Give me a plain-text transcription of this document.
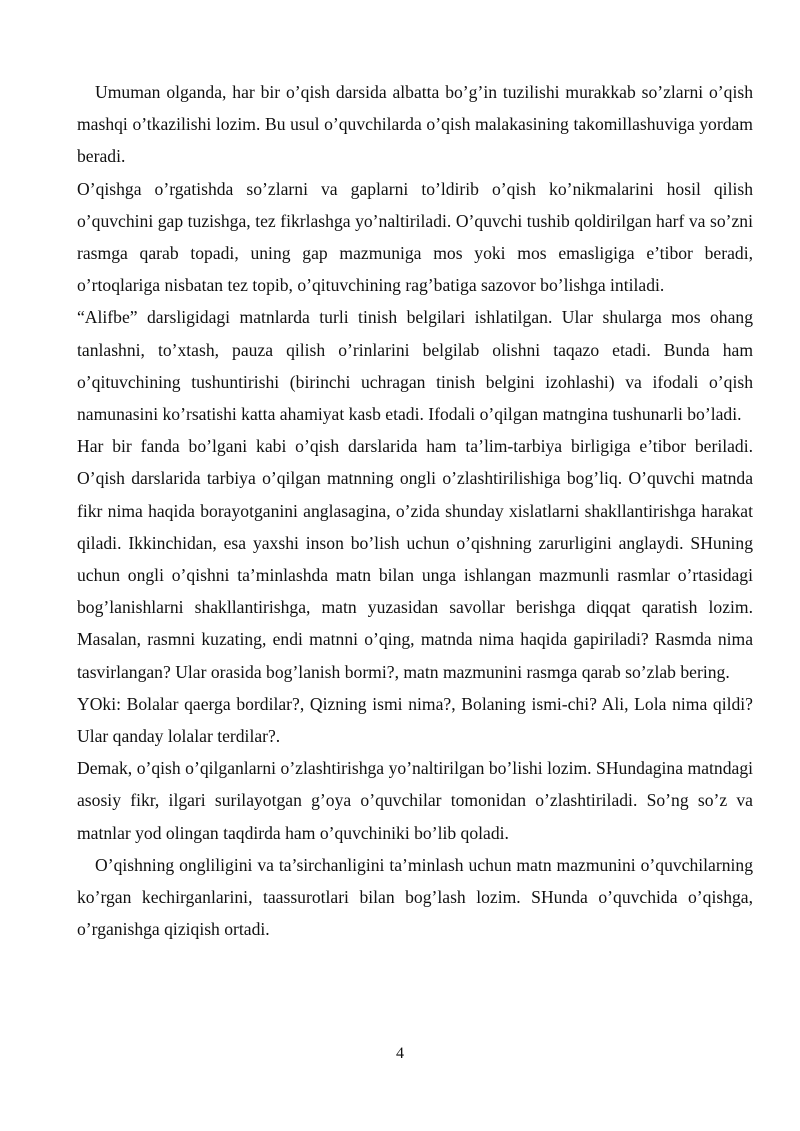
Umuman olganda, har bir o’qish darsida albatta bo’g’in tuzilishi murakkab so’zlarni o’qish mashqi o’tkazilishi lozim. Bu usul o’quvchilarda o’qish malakasining takomillashuviga yordam beradi.

O’qishga o’rgatishda so’zlarni va gaplarni to’ldirib o’qish ko’nikmalarini hosil qilish o’quvchini gap tuzishga, tez fikrlashga yo’naltiriladi. O’quvchi tushib qoldirilgan harf va so’zni rasmga qarab topadi, uning gap mazmuniga mos yoki mos emasligiga e’tibor beradi, o’rtoqlariga nisbatan tez topib, o’qituvchining rag’batiga sazovor bo’lishga intiladi.

“Alifbe” darsligidagi matnlarda turli tinish belgilari ishlatilgan. Ular shularga mos ohang tanlashni, to’xtash, pauza qilish o’rinlarini belgilab olishni taqazo etadi. Bunda ham o’qituvchining tushuntirishi (birinchi uchragan tinish belgini izohlashi) va ifodali o’qish namunasini ko’rsatishi katta ahamiyat kasb etadi. Ifodali o’qilgan matngina tushunarli bo’ladi.

Har bir fanda bo’lgani kabi o’qish darslarida ham ta’lim-tarbiya birligiga e’tibor beriladi. O’qish darslarida tarbiya o’qilgan matnning ongli o’zlashtirilishiga bog’liq. O’quvchi matnda fikr nima haqida borayotganini anglasagina, o’zida shunday xislatlarni shakllantirishga harakat qiladi. Ikkinchidan, esa yaxshi inson bo’lish uchun o’qishning zarurligini anglaydi. SHuning uchun ongli o’qishni ta’minlashda matn bilan unga ishlangan mazmunli rasmlar o’rtasidagi bog’lanishlarni shakllantirishga, matn yuzasidan savollar berishga diqqat qaratish lozim. Masalan, rasmni kuzating, endi matnni o’qing, matnda nima haqida gapiriladi? Rasmda nima tasvirlangan? Ular orasida bog’lanish bormi?, matn mazmunini rasmga qarab so’zlab bering.

YOki: Bolalar qaerga bordilar?, Qizning ismi nima?, Bolaning ismi-chi? Ali, Lola nima qildi? Ular qanday lolalar terdilar?.

Demak, o’qish o’qilganlarni o’zlashtirishga yo’naltirilgan bo’lishi lozim. SHundagina matndagi asosiy fikr, ilgari surilayotgan g’oya o’quvchilar tomonidan o’zlashtiriladi. So’ng so’z va matnlar yod olingan taqdirda ham o’quvchiniki bo’lib qoladi.

O’qishning ongliligini va ta’sirchanligini ta’minlash uchun matn mazmunini o’quvchilarning ko’rgan kechirganlarini, taassurotlari bilan bog’lash lozim. SHunda o’quvchida o’qishga, o’rganishga qiziqish ortadi.

4
